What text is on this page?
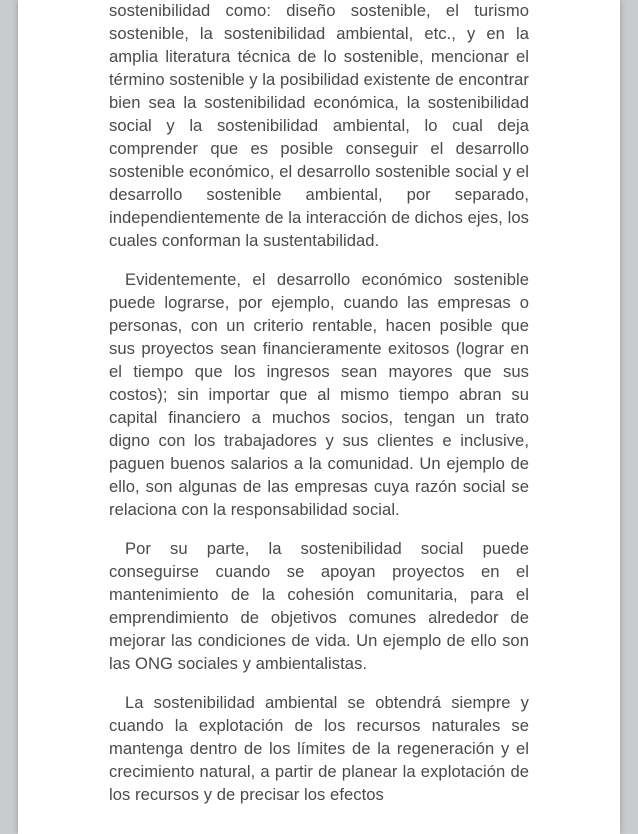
sostenibilidad como: diseño sostenible, el turismo sostenible, la sostenibilidad ambiental, etc., y en la amplia literatura técnica de lo sostenible, mencionar el término sostenible y la posibilidad existente de encontrar bien sea la sostenibilidad económica, la sostenibilidad social y la sostenibilidad ambiental, lo cual deja comprender que es posible conseguir el desarrollo sostenible económico, el desarrollo sostenible social y el desarrollo sostenible ambiental, por separado, independientemente de la interacción de dichos ejes, los cuales conforman la sustentabilidad.

Evidentemente, el desarrollo económico sostenible puede lograrse, por ejemplo, cuando las empresas o personas, con un criterio rentable, hacen posible que sus proyectos sean financieramente exitosos (lograr en el tiempo que los ingresos sean mayores que sus costos); sin importar que al mismo tiempo abran su capital financiero a muchos socios, tengan un trato digno con los trabajadores y sus clientes e inclusive, paguen buenos salarios a la comunidad. Un ejemplo de ello, son algunas de las empresas cuya razón social se relaciona con la responsabilidad social.

Por su parte, la sostenibilidad social puede conseguirse cuando se apoyan proyectos en el mantenimiento de la cohesión comunitaria, para el emprendimiento de objetivos comunes alrededor de mejorar las condiciones de vida. Un ejemplo de ello son las ONG sociales y ambientalistas.

La sostenibilidad ambiental se obtendrá siempre y cuando la explotación de los recursos naturales se mantenga dentro de los límites de la regeneración y el crecimiento natural, a partir de planear la explotación de los recursos y de precisar los efectos
